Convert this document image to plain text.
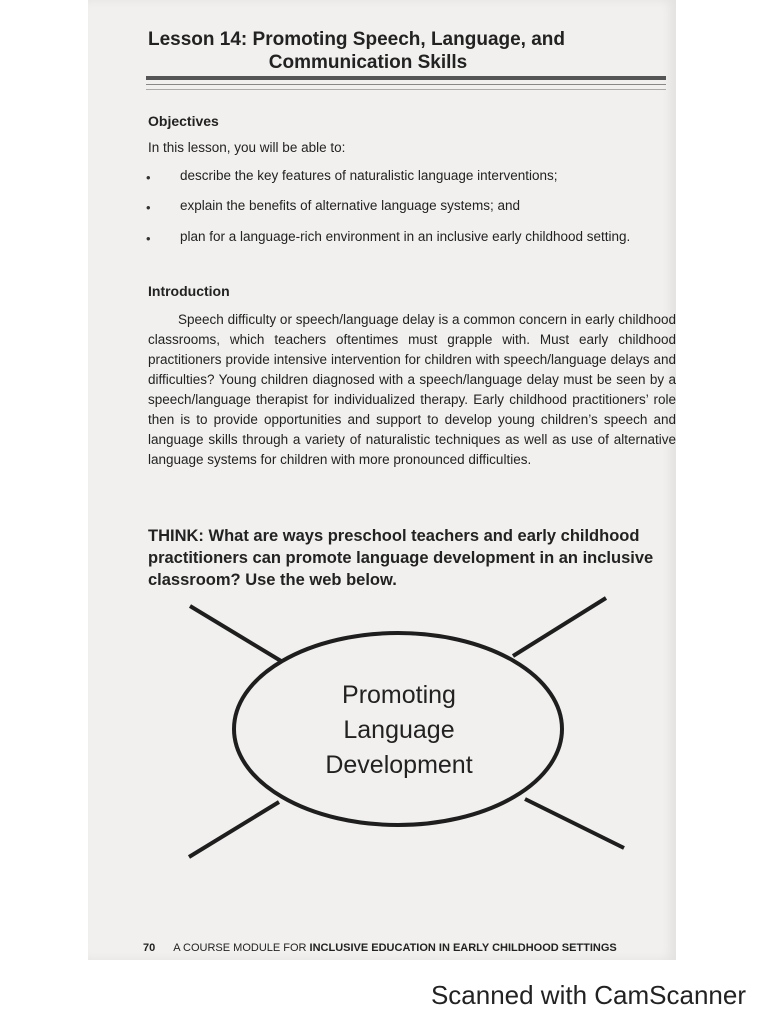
Lesson 14: Promoting Speech, Language, and
Communication Skills
Objectives
In this lesson, you will be able to:
• describe the key features of naturalistic language interventions;
• explain the benefits of alternative language systems; and
• plan for a language-rich environment in an inclusive early childhood setting.
Introduction
Speech difficulty or speech/language delay is a common concern in early childhood classrooms, which teachers oftentimes must grapple with. Must early childhood practitioners provide intensive intervention for children with speech/language delays and difficulties? Young children diagnosed with a speech/language delay must be seen by a speech/language therapist for individualized therapy. Early childhood practitioners’ role then is to provide opportunities and support to develop young children’s speech and language skills through a variety of naturalistic techniques as well as use of alternative language systems for children with more pronounced difficulties.
THINK: What are ways preschool teachers and early childhood practitioners can promote language development in an inclusive classroom? Use the web below.
Promoting
Language
Development
70 A COURSE MODULE FOR INCLUSIVE EDUCATION IN EARLY CHILDHOOD SETTINGS
Scanned with CamScanner
